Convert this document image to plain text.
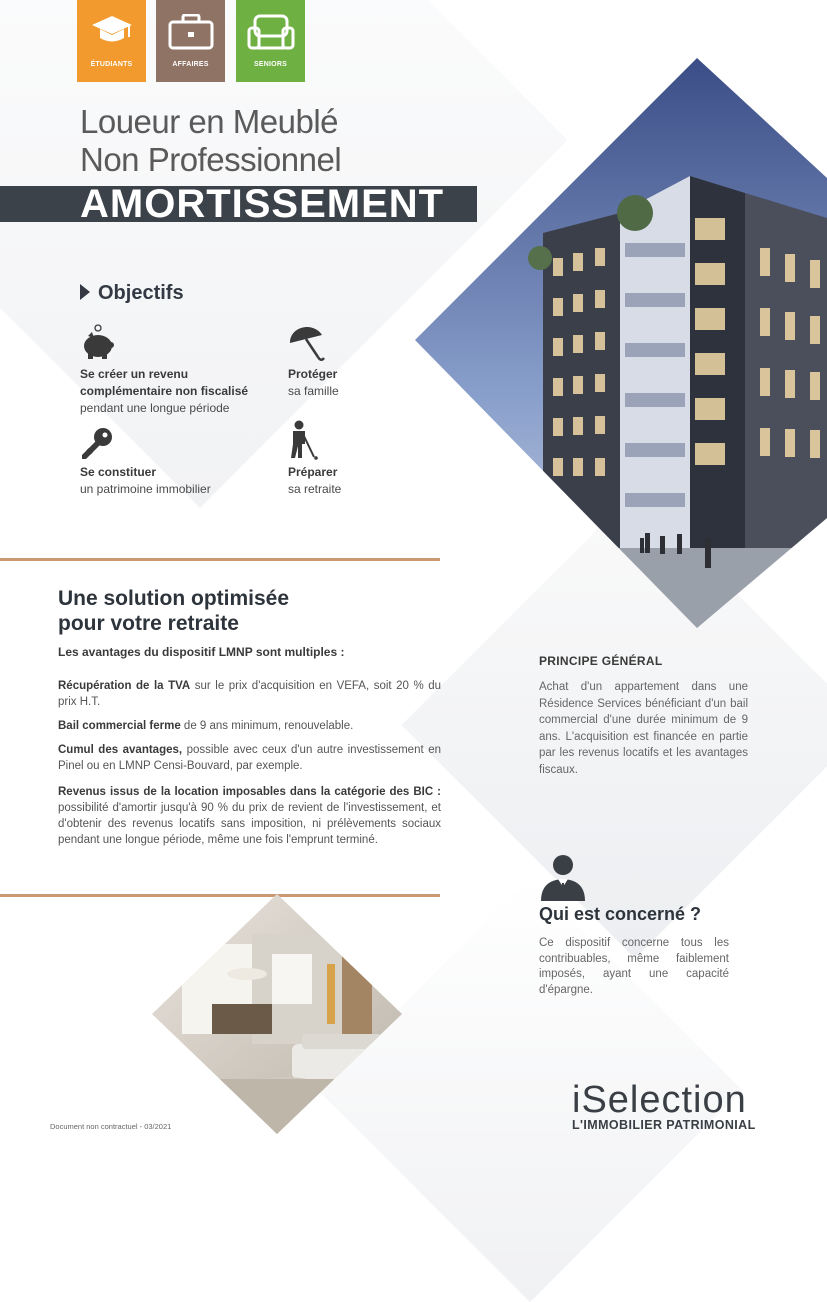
ÉTUDIANTS	AFFAIRES	SENIORS
Loueur en Meublé
Non Professionnel
AMORTISSEMENT
Objectifs
Se créer un revenu complémentaire non fiscalisé
pendant une longue période
Protéger
sa famille
Se constituer
un patrimoine immobilier
Préparer
sa retraite
Une solution optimisée
pour votre retraite
Les avantages du dispositif LMNP sont multiples :
Récupération de la TVA sur le prix d'acquisition en VEFA, soit 20 % du prix H.T.
Bail commercial ferme de 9 ans minimum, renouvelable.
Cumul des avantages, possible avec ceux d'un autre investissement en Pinel ou en LMNP Censi-Bouvard, par exemple.
Revenus issus de la location imposables dans la catégorie des BIC : possibilité d'amortir jusqu'à 90 % du prix de revient de l'investissement, et d'obtenir des revenus locatifs sans imposition, ni prélèvements sociaux pendant une longue période, même une fois l'emprunt terminé.
PRINCIPE GÉNÉRAL
Achat d'un appartement dans une Résidence Services bénéficiant d'un bail commercial d'une durée minimum de 9 ans. L'acquisition est financée en partie par les revenus locatifs et les avantages fiscaux.
Qui est concerné ?
Ce dispositif concerne tous les contribuables, même faiblement imposés, ayant une capacité d'épargne.
iSelection
L'IMMOBILIER PATRIMONIAL
Document non contractuel - 03/2021
